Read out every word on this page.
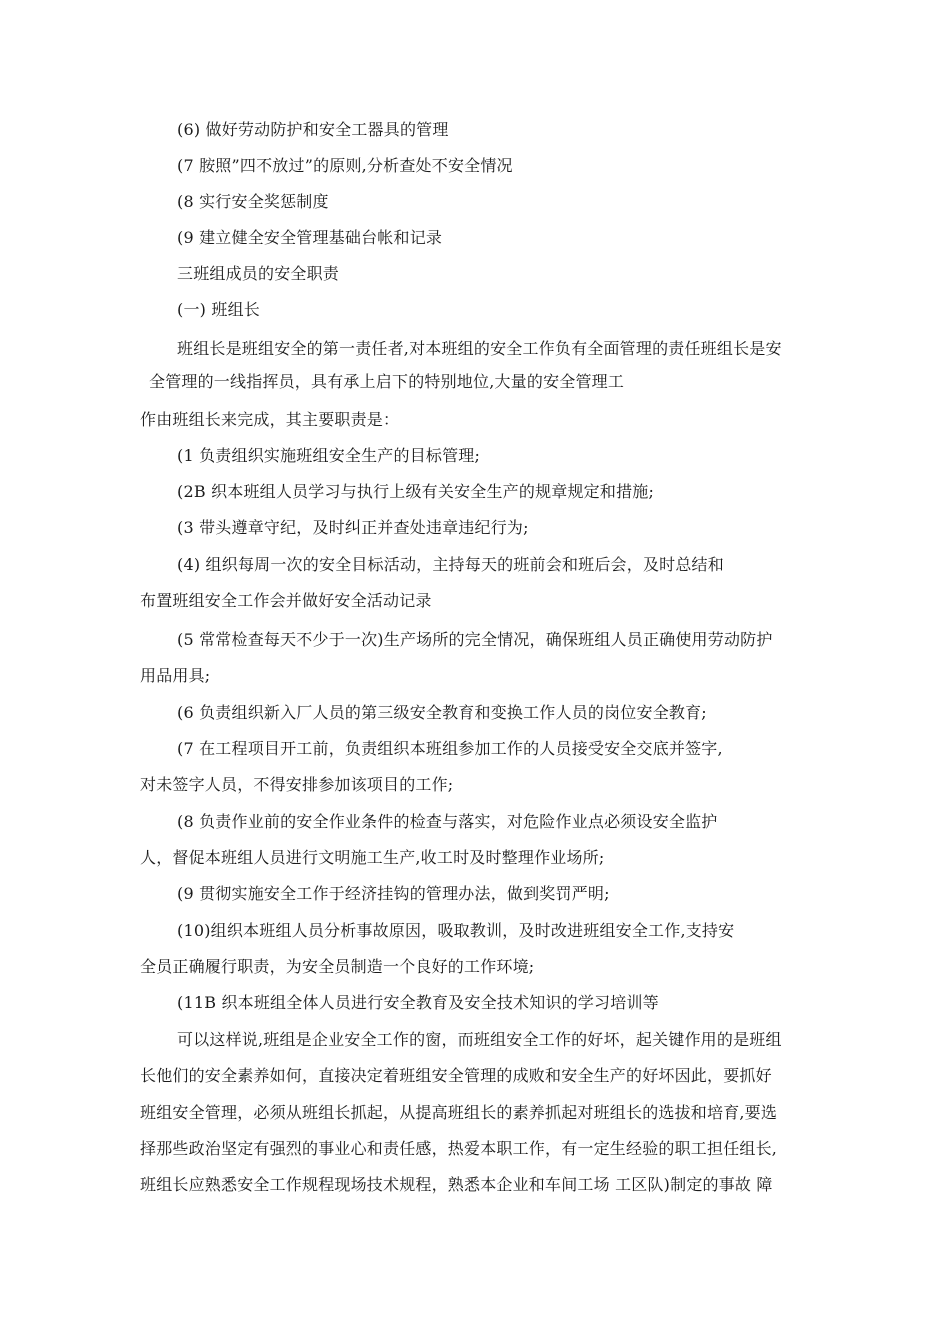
(6) 做好劳动防护和安全工器具的管理
(7 胺照”四不放过”的原则,分析查处不安全情况
(8 实行安全奖惩制度
(9 建立健全安全管理基础台帐和记录
三班组成员的安全职责
(一) 班组长
班组长是班组安全的第一责任者,对本班组的安全工作负有全面管理的责任班组长是安
全管理的一线指挥员，具有承上启下的特别地位,大量的安全管理工
作由班组长来完成，其主要职责是：
(1 负责组织实施班组安全生产的目标管理;
(2B 织本班组人员学习与执行上级有关安全生产的规章规定和措施;
(3 带头遵章守纪，及时纠正并查处违章违纪行为;
(4) 组织每周一次的安全目标活动，主持每天的班前会和班后会，及时总结和
布置班组安全工作会并做好安全活动记录
(5 常常检查每天不少于一次)生产场所的完全情况，确保班组人员正确使用劳动防护
用品用具;
(6 负责组织新入厂人员的第三级安全教育和变换工作人员的岗位安全教育;
(7 在工程项目开工前，负责组织本班组参加工作的人员接受安全交底并签字,
对未签字人员，不得安排参加该项目的工作;
(8 负责作业前的安全作业条件的检查与落实，对危险作业点必须设安全监护
人，督促本班组人员进行文明施工生产,收工时及时整理作业场所;
(9 贯彻实施安全工作于经济挂钩的管理办法，做到奖罚严明;
(10)组织本班组人员分析事故原因，吸取教训，及时改进班组安全工作,支持安
全员正确履行职责，为安全员制造一个良好的工作环境;
(11B 织本班组全体人员进行安全教育及安全技术知识的学习培训等
可以这样说,班组是企业安全工作的窗，而班组安全工作的好坏，起关键作用的是班组
长他们的安全素养如何，直接决定着班组安全管理的成败和安全生产的好坏因此，要抓好
班组安全管理，必须从班组长抓起，从提高班组长的素养抓起对班组长的选拔和培育,要选
择那些政治坚定有强烈的事业心和责任感，热爱本职工作，有一定生经验的职工担任组长,
班组长应熟悉安全工作规程现场技术规程，熟悉本企业和车间工场 工区队)制定的事故 障
